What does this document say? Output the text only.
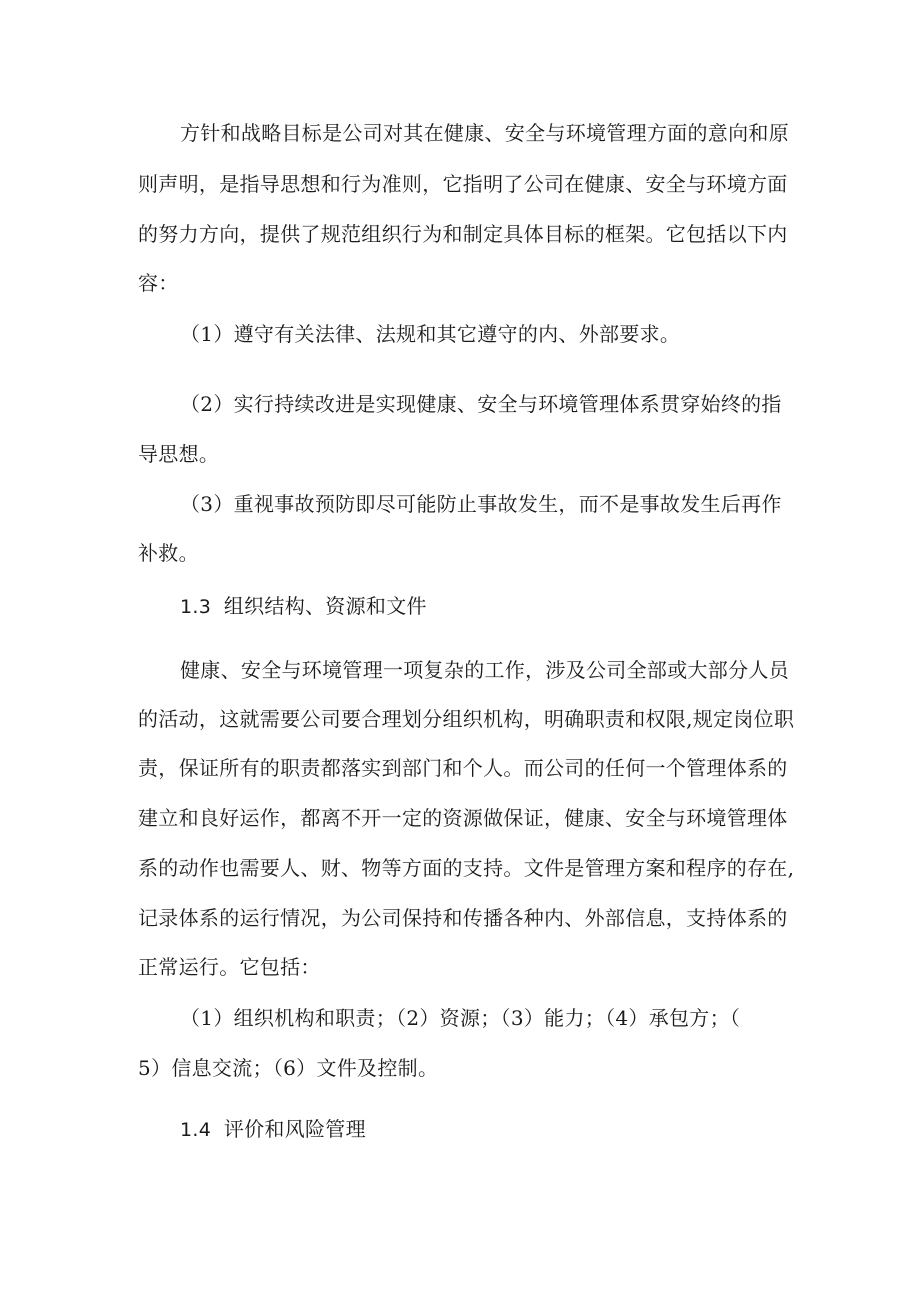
方针和战略目标是公司对其在健康、安全与环境管理方面的意向和原
则声明，是指导思想和行为准则，它指明了公司在健康、安全与环境方面
的努力方向，提供了规范组织行为和制定具体目标的框架。它包括以下内
容：
（1）遵守有关法律、法规和其它遵守的内、外部要求。
（2）实行持续改进是实现健康、安全与环境管理体系贯穿始终的指
导思想。
（3）重视事故预防即尽可能防止事故发生，而不是事故发生后再作
补救。
1.3 组织结构、资源和文件
健康、安全与环境管理一项复杂的工作，涉及公司全部或大部分人员
的活动，这就需要公司要合理划分组织机构，明确职责和权限,规定岗位职
责，保证所有的职责都落实到部门和个人。而公司的任何一个管理体系的
建立和良好运作，都离不开一定的资源做保证，健康、安全与环境管理体
系的动作也需要人、财、物等方面的支持。文件是管理方案和程序的存在,
记录体系的运行情况，为公司保持和传播各种内、外部信息，支持体系的
正常运行。它包括：
（1）组织机构和职责；（2）资源；（3）能力；（4）承包方；（
5）信息交流；（6）文件及控制。
1.4 评价和风险管理
